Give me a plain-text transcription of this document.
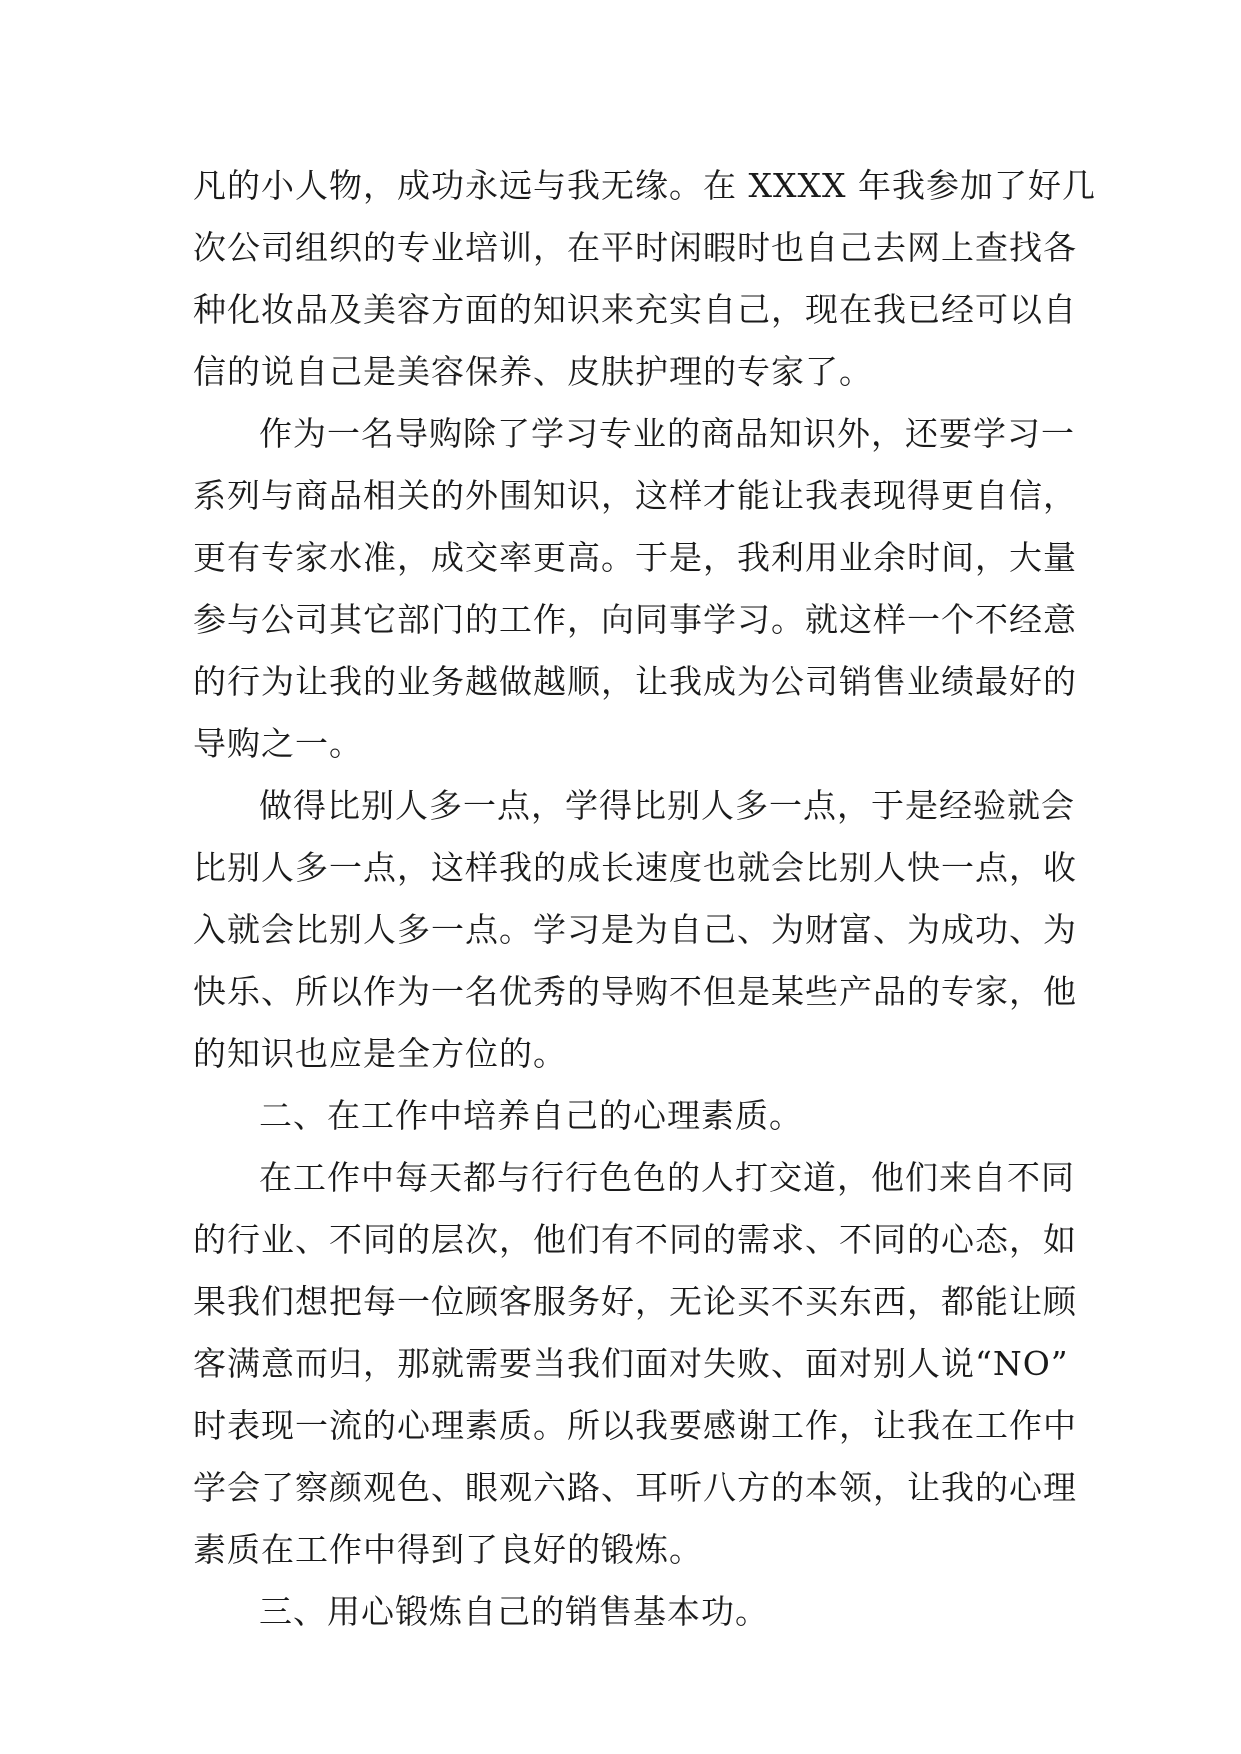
凡的小人物，成功永远与我无缘。在 XXXX 年我参加了好几
次公司组织的专业培训，在平时闲暇时也自己去网上查找各
种化妆品及美容方面的知识来充实自己，现在我已经可以自
信的说自己是美容保养、皮肤护理的专家了。
作为一名导购除了学习专业的商品知识外，还要学习一
系列与商品相关的外围知识，这样才能让我表现得更自信，
更有专家水准，成交率更高。于是，我利用业余时间，大量
参与公司其它部门的工作，向同事学习。就这样一个不经意
的行为让我的业务越做越顺，让我成为公司销售业绩最好的
导购之一。
做得比别人多一点，学得比别人多一点，于是经验就会
比别人多一点，这样我的成长速度也就会比别人快一点，收
入就会比别人多一点。学习是为自己、为财富、为成功、为
快乐、所以作为一名优秀的导购不但是某些产品的专家，他
的知识也应是全方位的。
二、在工作中培养自己的心理素质。
在工作中每天都与行行色色的人打交道，他们来自不同
的行业、不同的层次，他们有不同的需求、不同的心态，如
果我们想把每一位顾客服务好，无论买不买东西，都能让顾
客满意而归，那就需要当我们面对失败、面对别人说“NO”
时表现一流的心理素质。所以我要感谢工作，让我在工作中
学会了察颜观色、眼观六路、耳听八方的本领，让我的心理
素质在工作中得到了良好的锻炼。
三、用心锻炼自己的销售基本功。
